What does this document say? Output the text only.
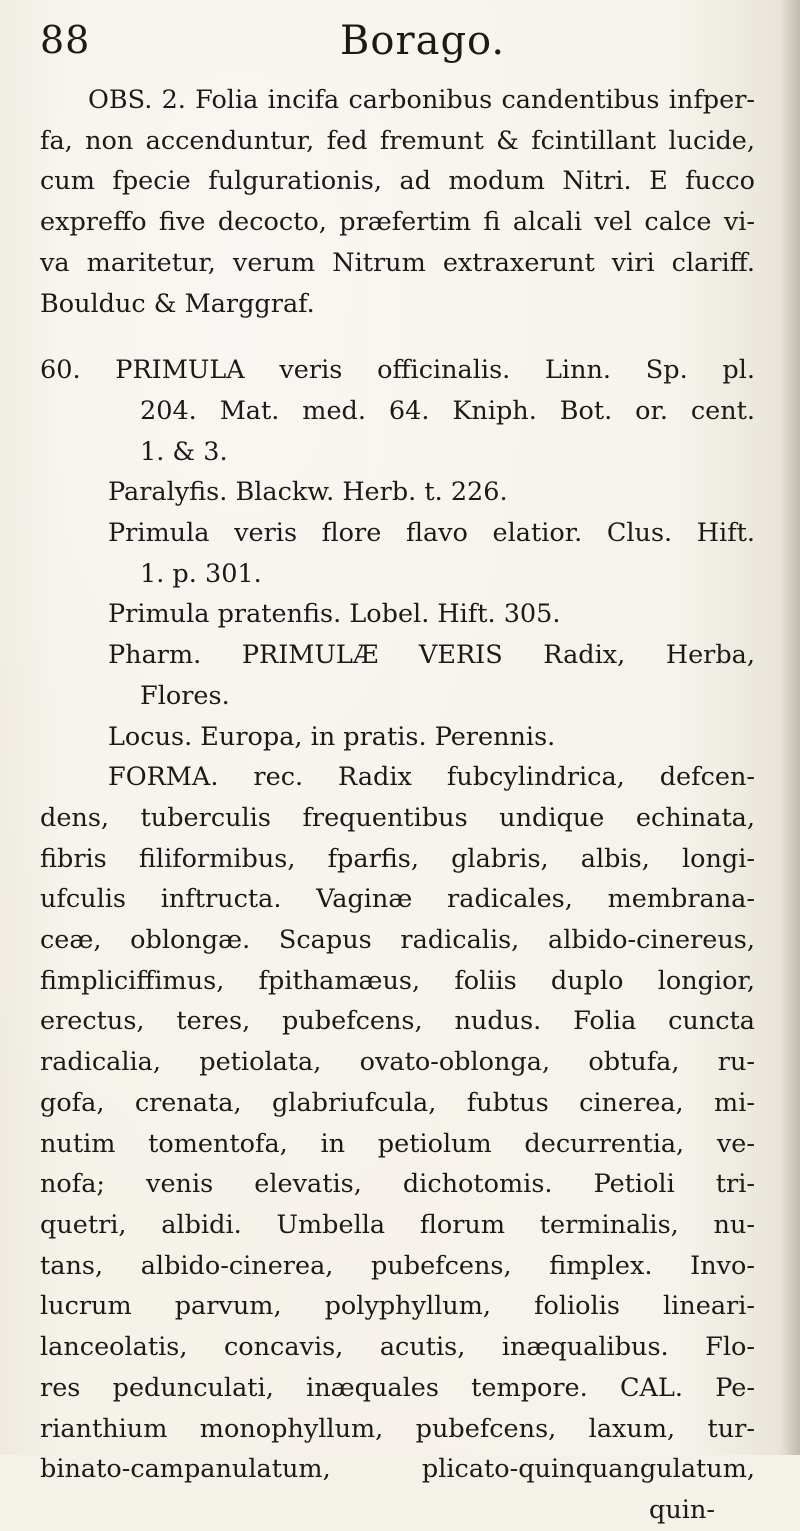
88	Borago.
OBS. 2. Folia incifa carbonibus candentibus infper-
fa, non accenduntur, fed fremunt & fcintillant lucide,
cum fpecie fulgurationis, ad modum Nitri. E fucco
expreffo five decocto, præfertim fi alcali vel calce vi-
va maritetur, verum Nitrum extraxerunt viri clariff.
Boulduc & Marggraf.
60. PRIMULA veris officinalis. Linn. Sp. pl.
204. Mat. med. 64. Kniph. Bot. or. cent.
1. & 3.
Paralyfis. Blackw. Herb. t. 226.
Primula veris flore flavo elatior. Clus. Hift.
1. p. 301.
Primula pratenfis. Lobel. Hift. 305.
Pharm. PRIMULÆ VERIS Radix, Herba,
Flores.
Locus. Europa, in pratis. Perennis.
FORMA. rec. Radix fubcylindrica, defcen-
dens, tuberculis frequentibus undique echinata,
fibris filiformibus, fparfis, glabris, albis, longi-
ufculis inftructa. Vaginæ radicales, membrana-
ceæ, oblongæ. Scapus radicalis, albido-cinereus,
fimpliciffimus, fpithamæus, foliis duplo longior,
erectus, teres, pubefcens, nudus. Folia cuncta
radicalia, petiolata, ovato-oblonga, obtufa, ru-
gofa, crenata, glabriufcula, fubtus cinerea, mi-
nutim tomentofa, in petiolum decurrentia, ve-
nofa; venis elevatis, dichotomis. Petioli tri-
quetri, albidi. Umbella florum terminalis, nu-
tans, albido-cinerea, pubefcens, fimplex. Invo-
lucrum parvum, polyphyllum, foliolis lineari-
lanceolatis, concavis, acutis, inæqualibus. Flo-
res pedunculati, inæquales tempore. CAL. Pe-
rianthium monophyllum, pubefcens, laxum, tur-
binato-campanulatum, plicato-quinquangulatum,
quin-
